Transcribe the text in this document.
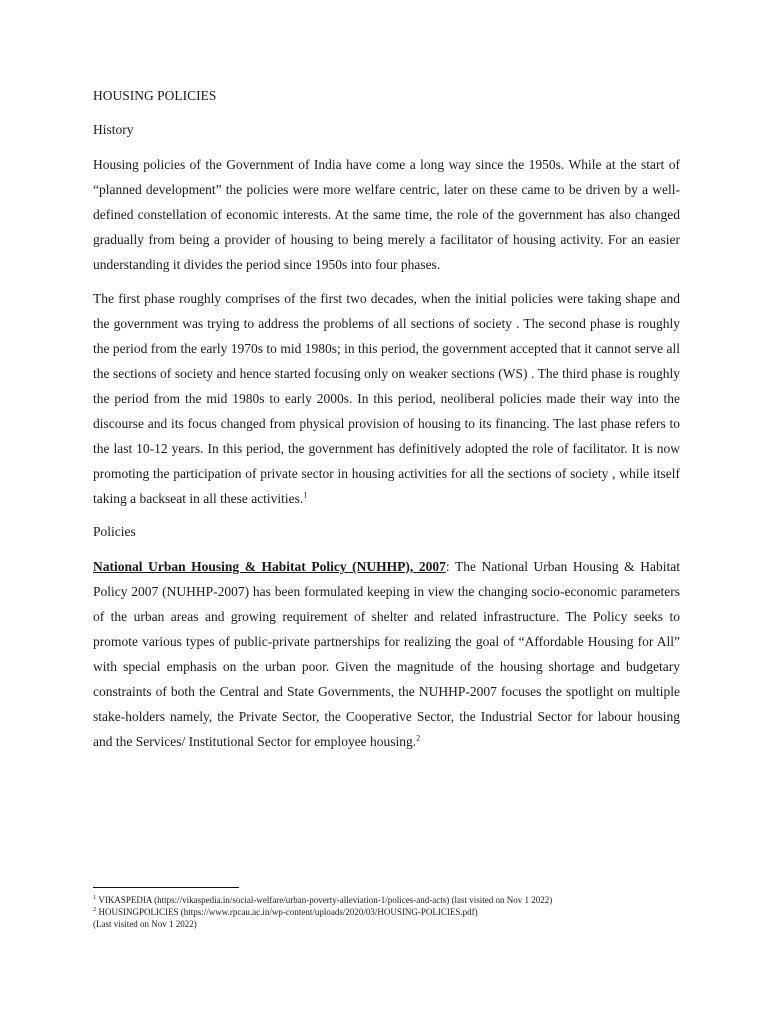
HOUSING POLICIES
History

Housing policies of the Government of India have come a long way since the 1950s. While at the start of “planned development” the policies were more welfare centric, later on these came to be driven by a well-defined constellation of economic interests. At the same time, the role of the government has also changed gradually from being a provider of housing to being merely a facilitator of housing activity. For an easier understanding it divides the period since 1950s into four phases.

The first phase roughly comprises of the first two decades, when the initial policies were taking shape and the government was trying to address the problems of all sections of society . The second phase is roughly the period from the early 1970s to mid 1980s; in this period, the government accepted that it cannot serve all the sections of society and hence started focusing only on weaker sections (WS) . The third phase is roughly the period from the mid 1980s to early 2000s. In this period, neoliberal policies made their way into the discourse and its focus changed from physical provision of housing to its financing. The last phase refers to the last 10-12 years. In this period, the government has definitively adopted the role of facilitator. It is now promoting the participation of private sector in housing activities for all the sections of society , while itself taking a backseat in all these activities.$^1$

Policies

National Urban Housing & Habitat Policy (NUHHP), 2007: The National Urban Housing & Habitat Policy 2007 (NUHHP-2007) has been formulated keeping in view the changing socio-economic parameters of the urban areas and growing requirement of shelter and related infrastructure. The Policy seeks to promote various types of public-private partnerships for realizing the goal of “Affordable Housing for All” with special emphasis on the urban poor. Given the magnitude of the housing shortage and budgetary constraints of both the Central and State Governments, the NUHHP-2007 focuses the spotlight on multiple stake-holders namely, the Private Sector, the Cooperative Sector, the Industrial Sector for labour housing and the Services/ Institutional Sector for employee housing.$^2$

$^1$ VIKASPEDIA (https://vikaspedia.in/social-welfare/urban-poverty-alleviation-1/polices-and-acts) (last visited on Nov 1 2022)

$^2$ HOUSINGPOLICIES (https://www.rpcau.ac.in/wp-content/uploads/2020/03/HOUSING-POLICIES.pdf)

(Last visited on Nov 1 2022)
